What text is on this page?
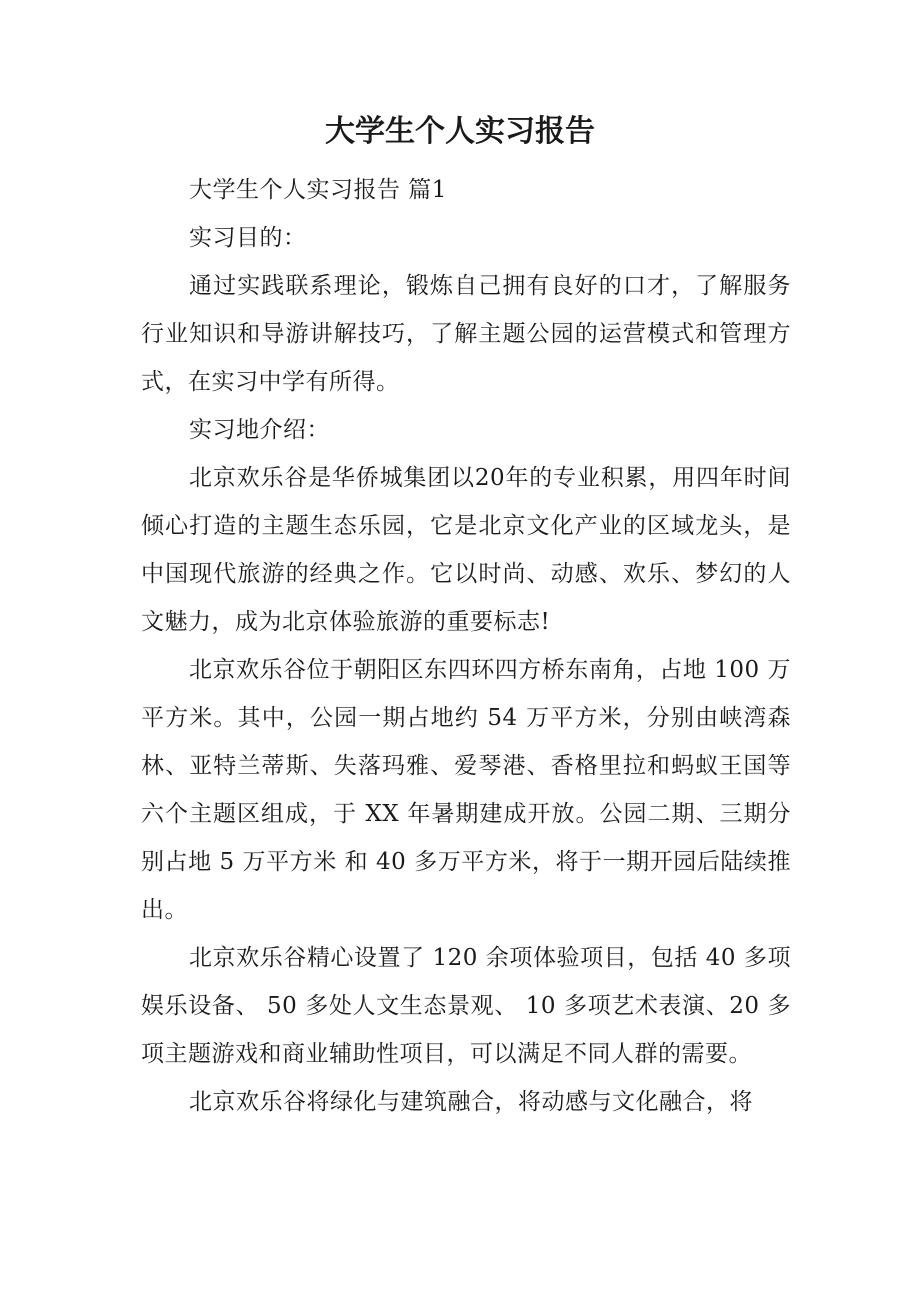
大学生个人实习报告

大学生个人实习报告 篇1

实习目的：

通过实践联系理论，锻炼自己拥有良好的口才，了解服务行业知识和导游讲解技巧，了解主题公园的运营模式和管理方式，在实习中学有所得。

实习地介绍：

北京欢乐谷是华侨城集团以20年的专业积累，用四年时间倾心打造的主题生态乐园，它是北京文化产业的区域龙头，是中国现代旅游的经典之作。它以时尚、动感、欢乐、梦幻的人文魅力，成为北京体验旅游的重要标志!

北京欢乐谷位于朝阳区东四环四方桥东南角，占地 100 万平方米。其中，公园一期占地约 54 万平方米，分别由峡湾森林、亚特兰蒂斯、失落玛雅、爱琴港、香格里拉和蚂蚁王国等六个主题区组成，于 XX 年暑期建成开放。公园二期、三期分别占地 5 万平方米 和 40 多万平方米，将于一期开园后陆续推出。

北京欢乐谷精心设置了 120 余项体验项目，包括 40 多项娱乐设备、 50 多处人文生态景观、 10 多项艺术表演、20 多项主题游戏和商业辅助性项目，可以满足不同人群的需要。

北京欢乐谷将绿化与建筑融合，将动感与文化融合，将
